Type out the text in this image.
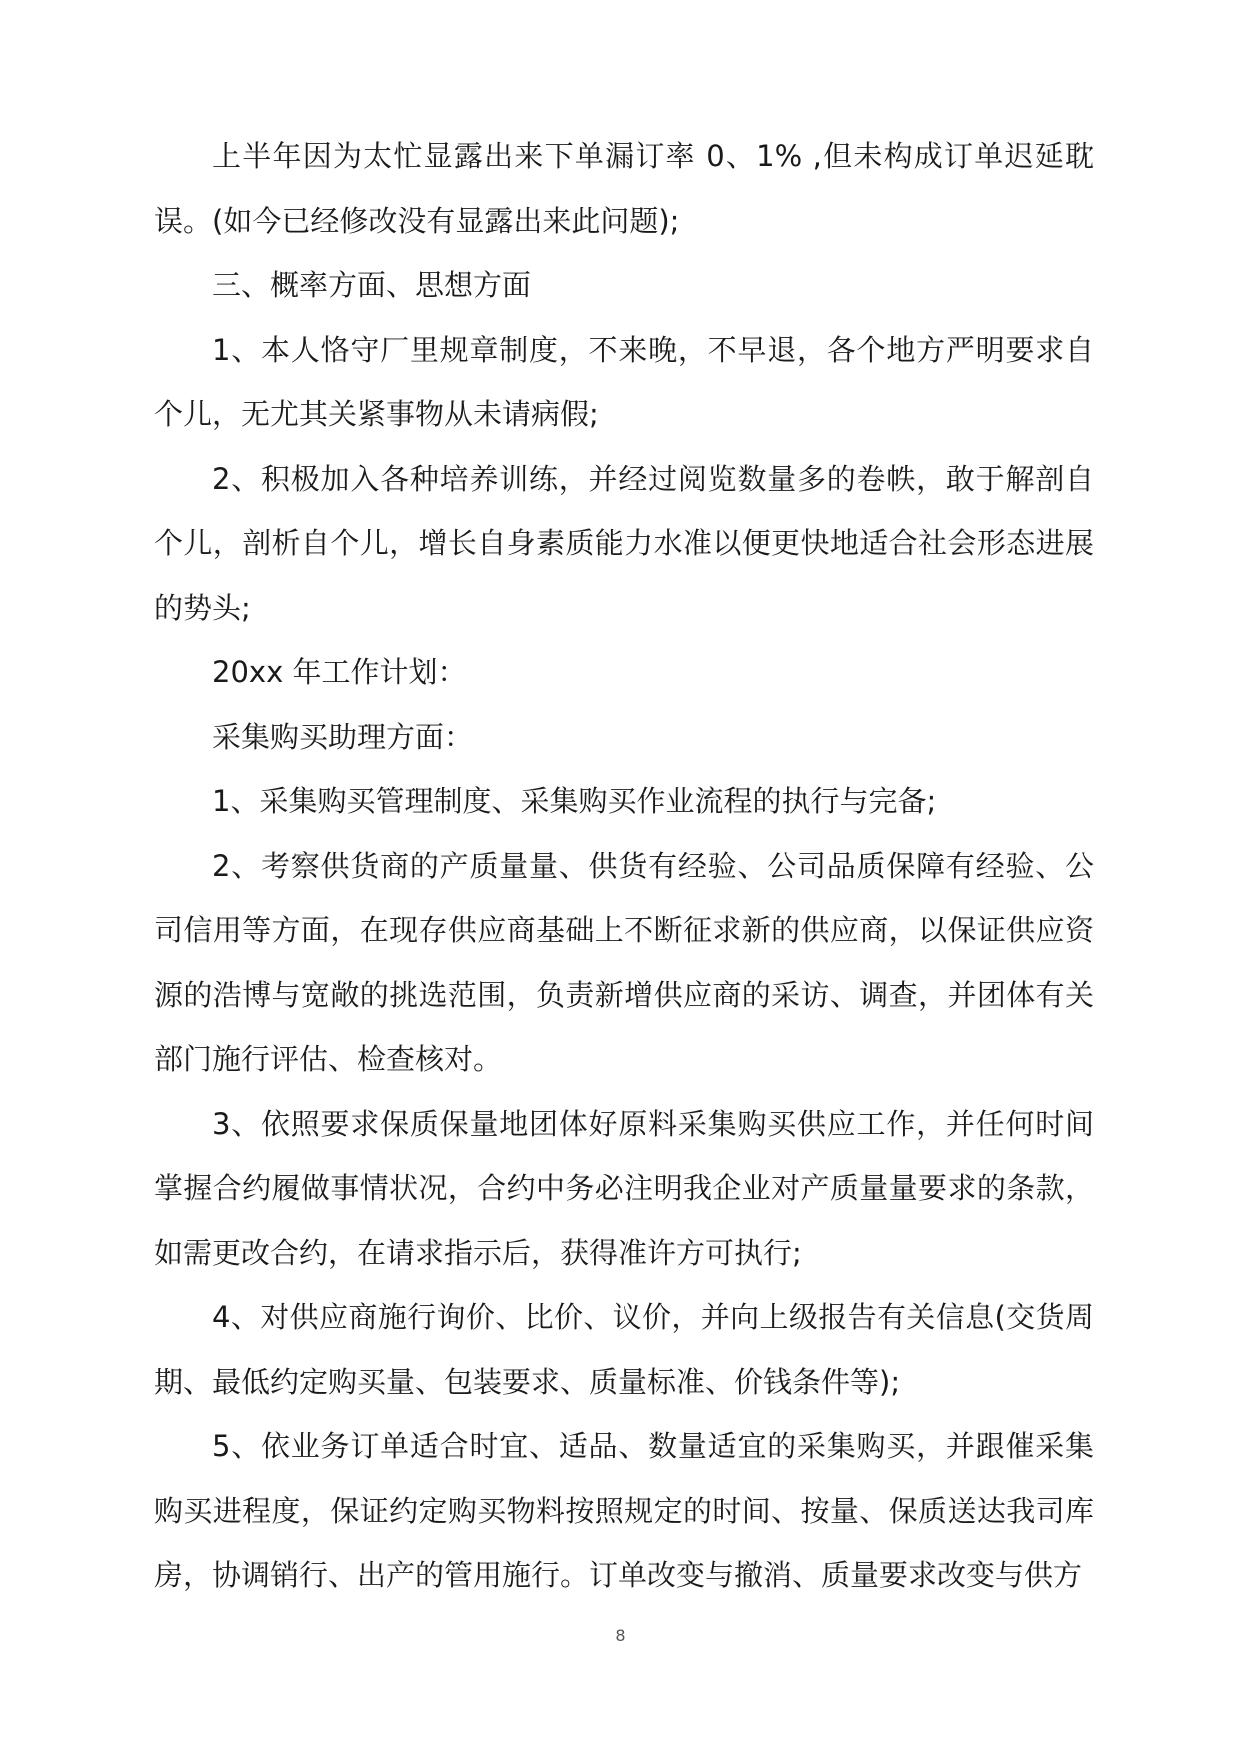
上半年因为太忙显露出来下单漏订率 0、1% ,但未构成订单迟延耽误。(如今已经修改没有显露出来此问题);

三、概率方面、思想方面

1、本人恪守厂里规章制度，不来晚，不早退，各个地方严明要求自个儿，无尤其关紧事物从未请病假;

2、积极加入各种培养训练，并经过阅览数量多的卷帙，敢于解剖自个儿，剖析自个儿，增长自身素质能力水准以便更快地适合社会形态进展的势头;

20xx 年工作计划：

采集购买助理方面：

1、采集购买管理制度、采集购买作业流程的执行与完备;

2、考察供货商的产质量量、供货有经验、公司品质保障有经验、公司信用等方面，在现存供应商基础上不断征求新的供应商，以保证供应资源的浩博与宽敞的挑选范围，负责新增供应商的采访、调查，并团体有关部门施行评估、检查核对。

3、依照要求保质保量地团体好原料采集购买供应工作，并任何时间掌握合约履做事情状况，合约中务必注明我企业对产质量量要求的条款，如需更改合约，在请求指示后，获得准许方可执行;

4、对供应商施行询价、比价、议价，并向上级报告有关信息(交货周期、最低约定购买量、包装要求、质量标准、价钱条件等);

5、依业务订单适合时宜、适品、数量适宜的采集购买，并跟催采集购买进程度，保证约定购买物料按照规定的时间、按量、保质送达我司库房，协调销行、出产的管用施行。订单改变与撤消、质量要求改变与供方

8
